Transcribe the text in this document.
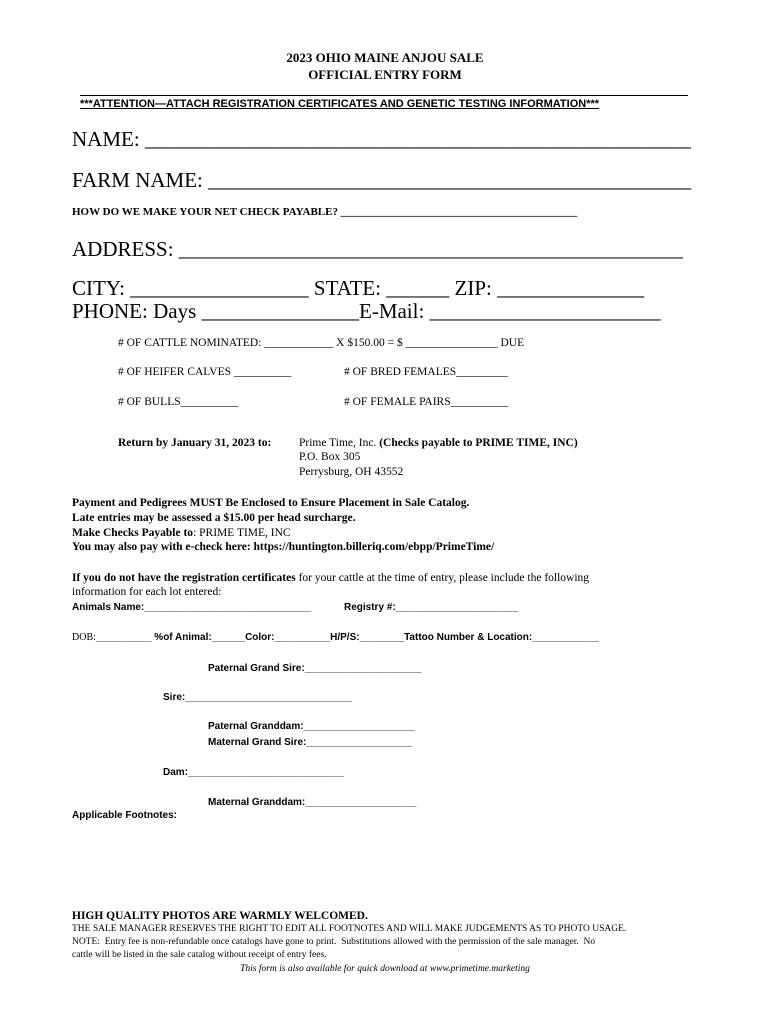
2023 OHIO MAINE ANJOU SALE
OFFICIAL ENTRY FORM
***ATTENTION—ATTACH REGISTRATION CERTIFICATES AND GENETIC TESTING INFORMATION***
NAME: ____________________________________________________
FARM NAME: ______________________________________________
HOW DO WE MAKE YOUR NET CHECK PAYABLE? ___________________________________________
ADDRESS: ________________________________________________
CITY: _________________ STATE: ______ ZIP: ______________
PHONE: Days _______________E-Mail: ______________________
# OF CATTLE NOMINATED: ____________ X $150.00 = $ ________________ DUE
# OF HEIFER CALVES __________	# OF BRED FEMALES_________
# OF BULLS__________	# OF FEMALE PAIRS__________
Return by January 31, 2023 to: Prime Time, Inc. (Checks payable to PRIME TIME, INC)
P.O. Box 305
Perrysburg, OH 43552
Payment and Pedigrees MUST Be Enclosed to Ensure Placement in Sale Catalog.
Late entries may be assessed a $15.00 per head surcharge.
Make Checks Payable to: PRIME TIME, INC
You may also pay with e-check here: https://huntington.billeriq.com/ebpp/PrimeTime/
If you do not have the registration certificates for your cattle at the time of entry, please include the following
information for each lot entered:
Animals Name:______________________________	Registry #:______________________
DOB:__________ %of Animal:______Color:__________H/P/S:________Tattoo Number & Location:____________
Paternal Grand Sire:_____________________
Sire:______________________________
Paternal Granddam:____________________
Maternal Grand Sire:___________________
Dam:____________________________
Maternal Granddam:____________________
Applicable Footnotes:
HIGH QUALITY PHOTOS ARE WARMLY WELCOMED.
THE SALE MANAGER RESERVES THE RIGHT TO EDIT ALL FOOTNOTES AND WILL MAKE JUDGEMENTS AS TO PHOTO USAGE.
NOTE:  Entry fee is non-refundable once catalogs have gone to print.  Substitutions allowed with the permission of the sale manager.  No
cattle will be listed in the sale catalog without receipt of entry fees.
This form is also available for quick download at www.primetime.marketing
